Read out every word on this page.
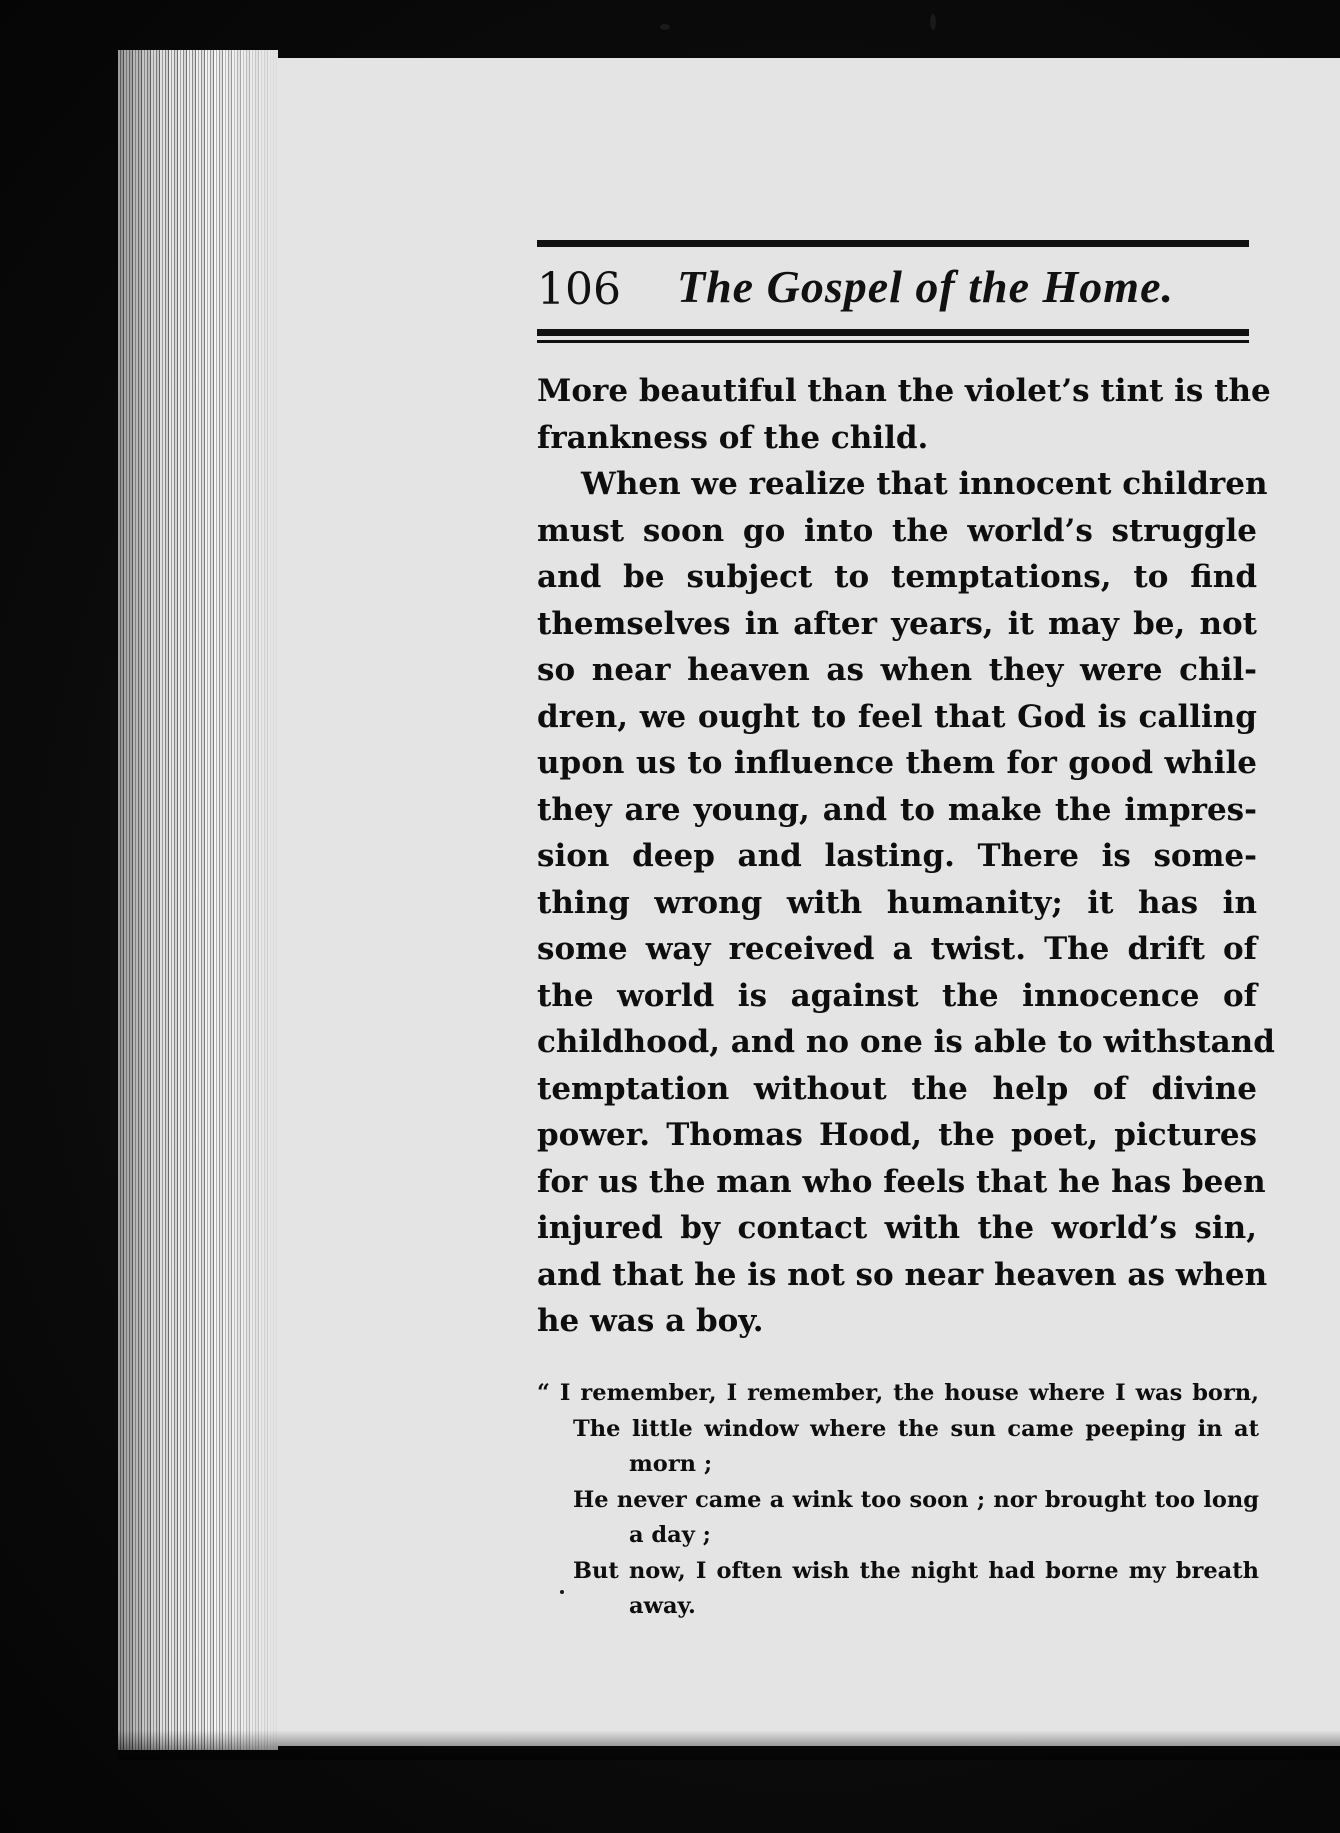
106 The Gospel of the Home.
More beautiful than the violet’s tint is the
frankness of the child.
When we realize that innocent children
must soon go into the world’s struggle
and be subject to temptations, to find
themselves in after years, it may be, not
so near heaven as when they were chil-
dren, we ought to feel that God is calling
upon us to influence them for good while
they are young, and to make the impres-
sion deep and lasting. There is some-
thing wrong with humanity; it has in
some way received a twist. The drift of
the world is against the innocence of
childhood, and no one is able to withstand
temptation without the help of divine
power. Thomas Hood, the poet, pictures
for us the man who feels that he has been
injured by contact with the world’s sin,
and that he is not so near heaven as when
he was a boy.
“ I remember, I remember, the house where I was born,
The little window where the sun came peeping in at
morn ;
He never came a wink too soon ; nor brought too long
a day ;
But now, I often wish the night had borne my breath
away.
